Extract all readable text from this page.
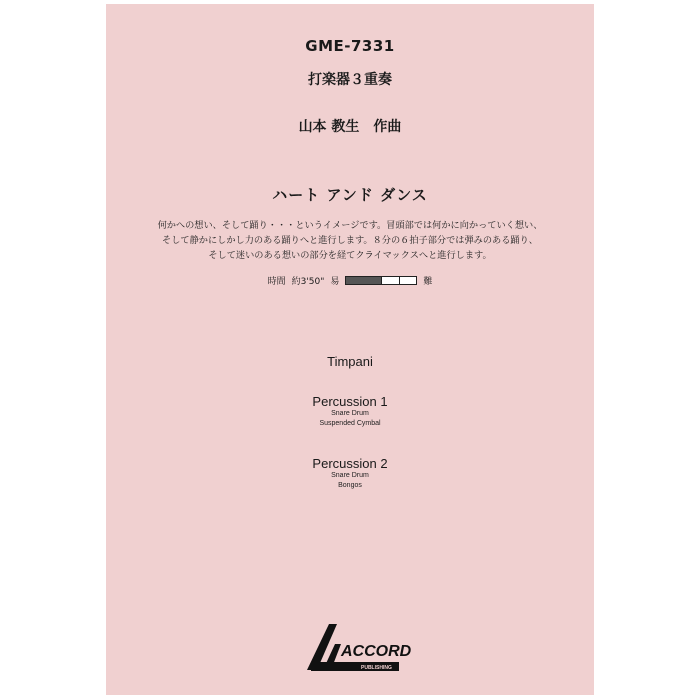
GME-7331
打楽器３重奏
山本 教生　作曲
ハート アンド ダンス
何かへの想い、そして踊り・・・というイメージです。冒頭部では何かに向かっていく想い、
そして静かにしかし力のある踊りへと進行します。８分の６拍子部分では弾みのある踊り、
そして迷いのある想いの部分を経てクライマックスへと進行します。
時間 約3'50" 易	難
Timpani
Percussion 1
Snare Drum
Suspended Cymbal
Percussion 2
Snare Drum
Bongos
ACCORD
PUBLISHING
